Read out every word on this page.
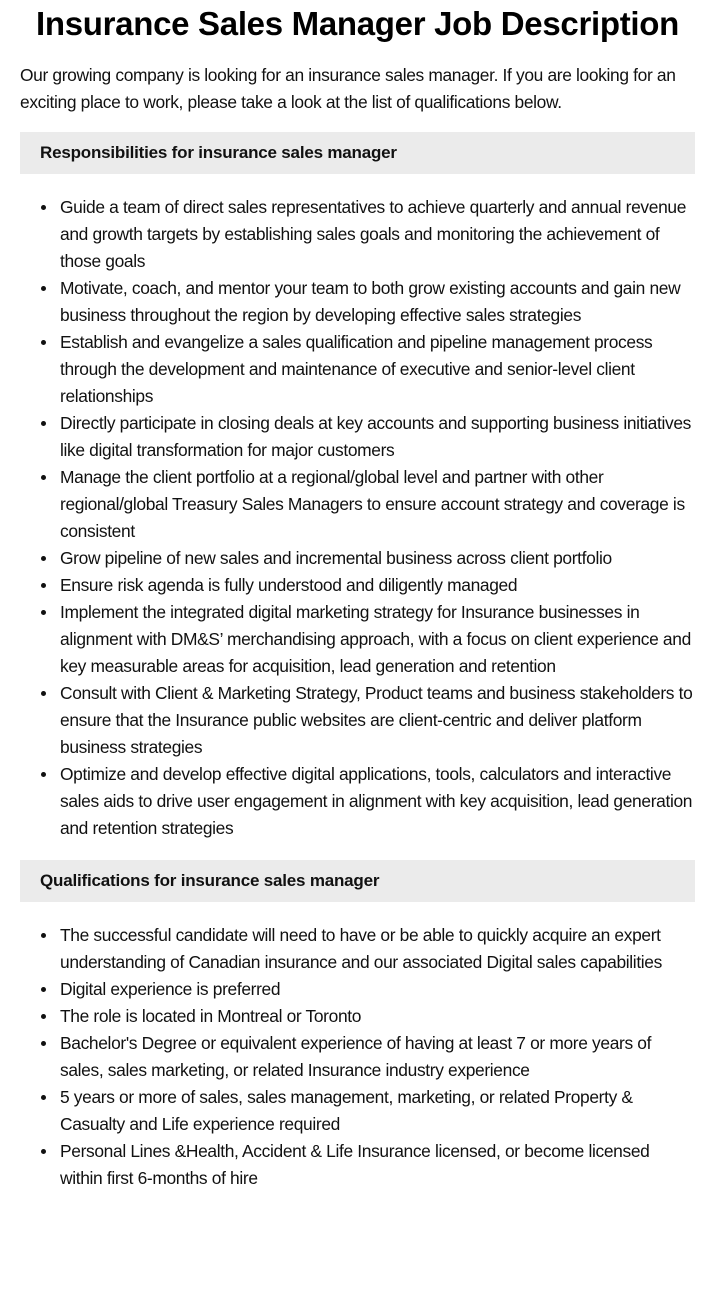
Insurance Sales Manager Job Description

Our growing company is looking for an insurance sales manager. If you are looking for an exciting place to work, please take a look at the list of qualifications below.

Responsibilities for insurance sales manager
Guide a team of direct sales representatives to achieve quarterly and annual revenue and growth targets by establishing sales goals and monitoring the achievement of those goals
Motivate, coach, and mentor your team to both grow existing accounts and gain new business throughout the region by developing effective sales strategies
Establish and evangelize a sales qualification and pipeline management process through the development and maintenance of executive and senior-level client relationships
Directly participate in closing deals at key accounts and supporting business initiatives like digital transformation for major customers
Manage the client portfolio at a regional/global level and partner with other regional/global Treasury Sales Managers to ensure account strategy and coverage is consistent
Grow pipeline of new sales and incremental business across client portfolio
Ensure risk agenda is fully understood and diligently managed
Implement the integrated digital marketing strategy for Insurance businesses in alignment with DM&S’ merchandising approach, with a focus on client experience and key measurable areas for acquisition, lead generation and retention
Consult with Client & Marketing Strategy, Product teams and business stakeholders to ensure that the Insurance public websites are client-centric and deliver platform business strategies
Optimize and develop effective digital applications, tools, calculators and interactive sales aids to drive user engagement in alignment with key acquisition, lead generation and retention strategies
Qualifications for insurance sales manager
The successful candidate will need to have or be able to quickly acquire an expert understanding of Canadian insurance and our associated Digital sales capabilities
Digital experience is preferred
The role is located in Montreal or Toronto
Bachelor's Degree or equivalent experience of having at least 7 or more years of sales, sales marketing, or related Insurance industry experience
5 years or more of sales, sales management, marketing, or related Property & Casualty and Life experience required
Personal Lines &Health, Accident & Life Insurance licensed, or become licensed within first 6-months of hire
